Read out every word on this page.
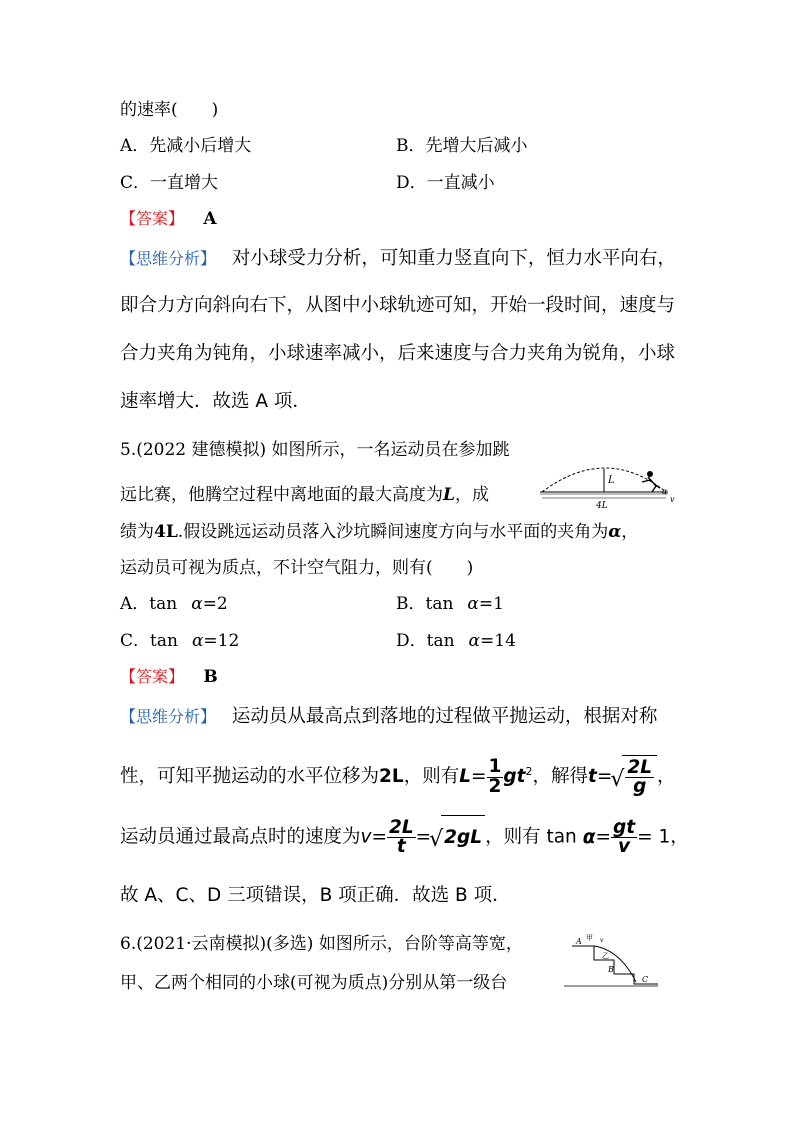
的速率(　　)
A．先减小后增大	B．先增大后减小
C．一直增大	D．一直减小
【答案】 A
【思维分析】 对小球受力分析，可知重力竖直向下，恒力水平向右，
即合力方向斜向右下，从图中小球轨迹可知，开始一段时间，速度与
合力夹角为钝角，小球速率减小，后来速度与合力夹角为锐角，小球
速率增大．故选 A 项．
5.(2022 建德模拟) 如图所示，一名运动员在参加跳
远比赛，他腾空过程中离地面的最大高度为L，成
绩为4L.假设跳远运动员落入沙坑瞬间速度方向与水平面的夹角为α，
运动员可视为质点，不计空气阻力，则有(　　)
A．tan α=2	B．tan α=1
C．tan α=12	D．tan α=14
【答案】 B
【思维分析】 运动员从最高点到落地的过程做平抛运动，根据对称
性，可知平抛运动的水平位移为2L，则有$L= \frac{1}{2} gt^2$，解得t= √ $\frac{2L}{g}$ ，
运动员通过最高点时的速度为$v= \frac{2L}{t}$ = √ 2gL ，则有 $\tan \alpha= \frac{gt}{v} = 1$，
故 A、C、D 三项错误，B 项正确．故选 B 项．
6.(2021·云南模拟)(多选) 如图所示，台阶等高等宽，
甲、乙两个相同的小球(可视为质点)分别从第一级台
L
4L
α
v
A 甲
乙
B
C
v
